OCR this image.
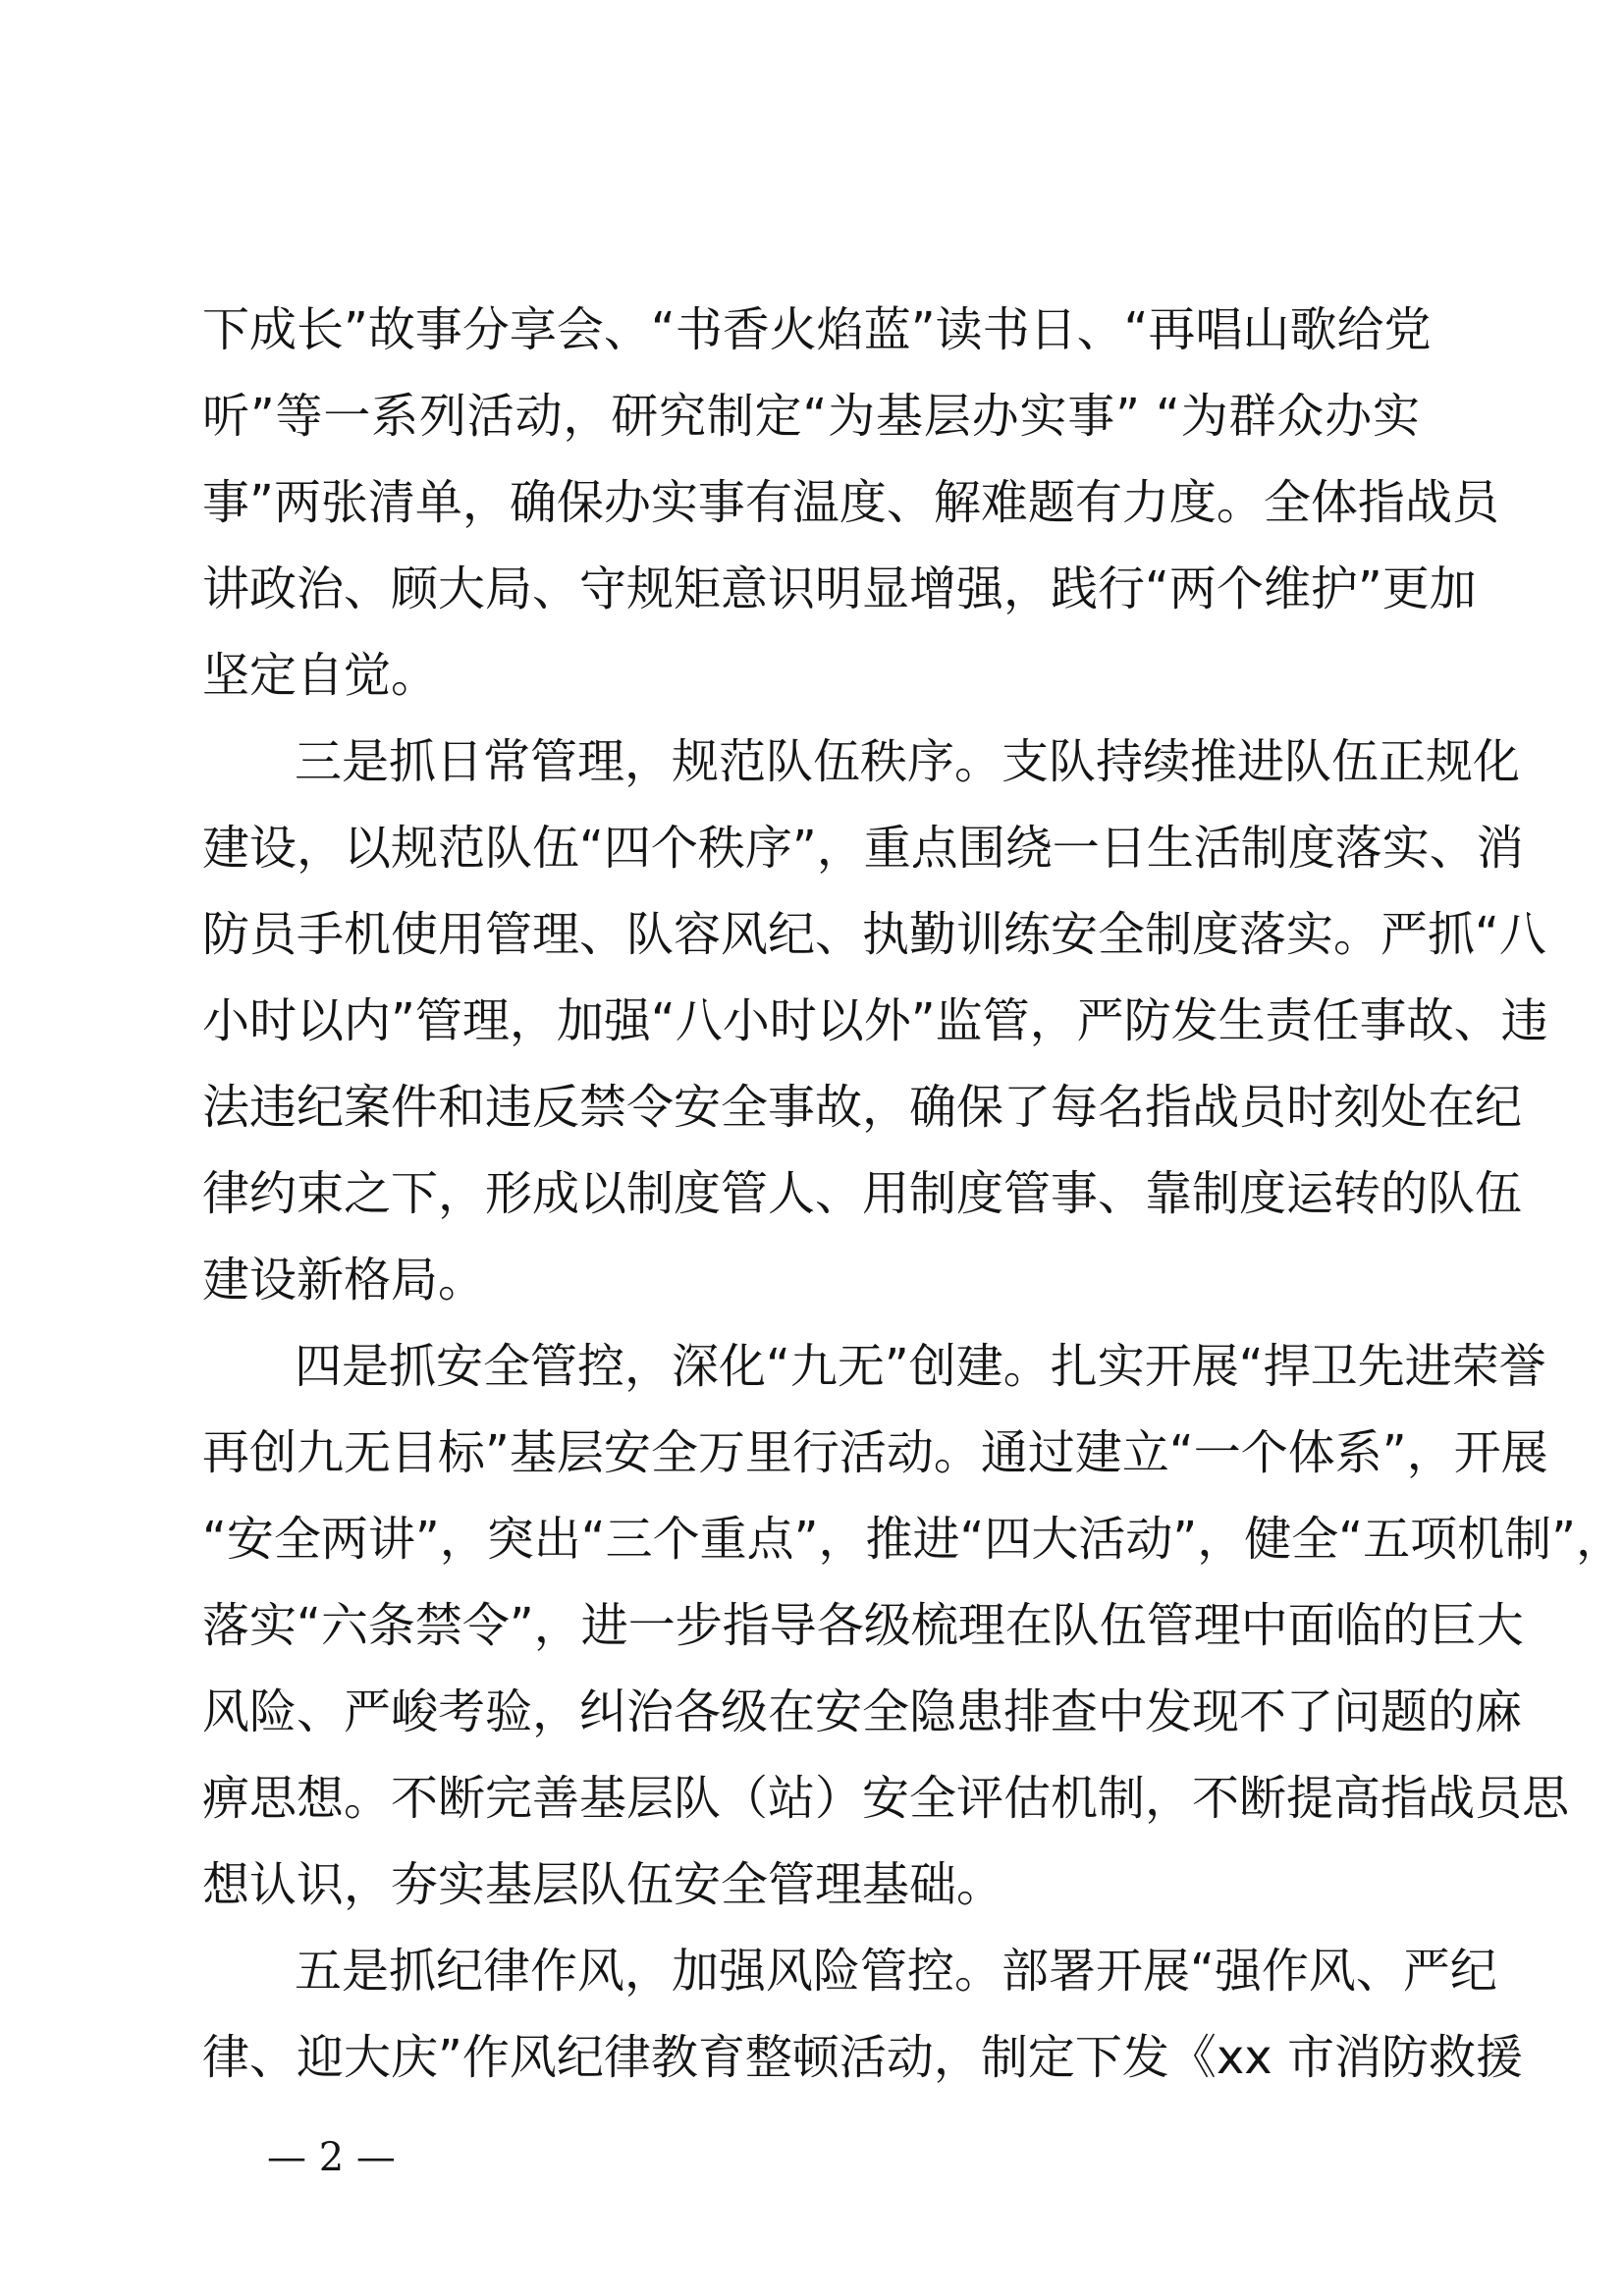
下成长”故事分享会、“书香火焰蓝”读书日、“再唱山歌给党
听”等一系列活动，研究制定“为基层办实事” “为群众办实
事”两张清单，确保办实事有温度、解难题有力度。全体指战员
讲政治、顾大局、守规矩意识明显增强，践行“两个维护”更加
坚定自觉。
三是抓日常管理，规范队伍秩序。支队持续推进队伍正规化
建设，以规范队伍“四个秩序”，重点围绕一日生活制度落实、消
防员手机使用管理、队容风纪、执勤训练安全制度落实。严抓“八
小时以内”管理，加强“八小时以外”监管，严防发生责任事故、违
法违纪案件和违反禁令安全事故，确保了每名指战员时刻处在纪
律约束之下，形成以制度管人、用制度管事、靠制度运转的队伍
建设新格局。
四是抓安全管控，深化“九无”创建。扎实开展“捍卫先进荣誉
再创九无目标”基层安全万里行活动。通过建立“一个体系”，开展
“安全两讲”，突出“三个重点”，推进“四大活动”，健全“五项机制”，
落实“六条禁令”，进一步指导各级梳理在队伍管理中面临的巨大
风险、严峻考验，纠治各级在安全隐患排查中发现不了问题的麻
痹思想。不断完善基层队（站）安全评估机制，不断提高指战员思
想认识，夯实基层队伍安全管理基础。
五是抓纪律作风，加强风险管控。部署开展“强作风、严纪
律、迎大庆”作风纪律教育整顿活动，制定下发《xx 市消防救援
— 2 —
